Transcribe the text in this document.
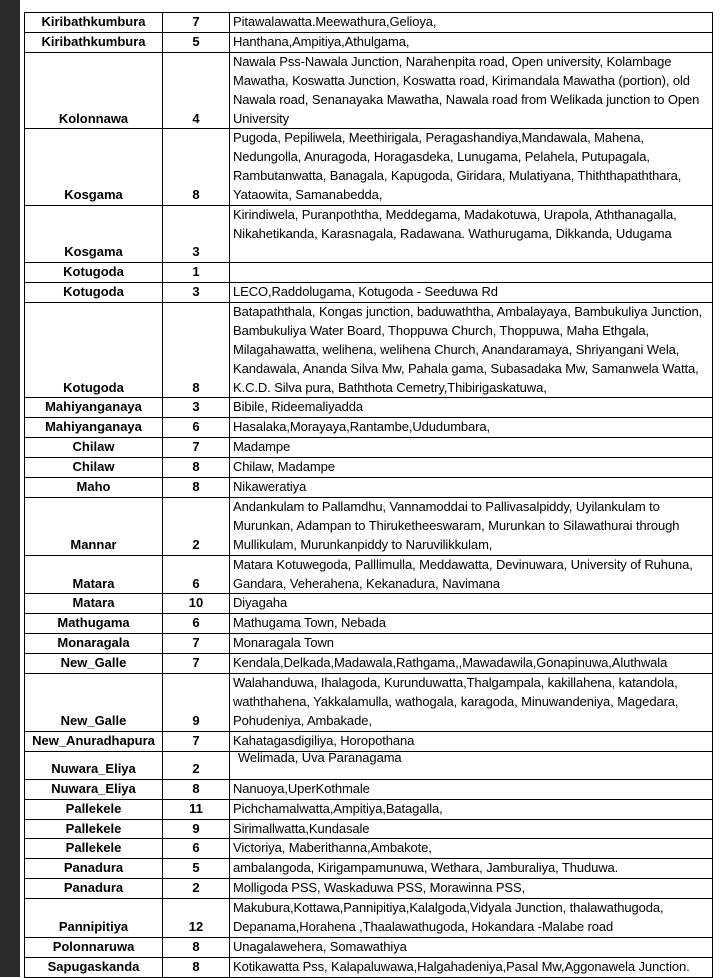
Kiribathkumbura	7	Pitawalawatta.Meewathura,Gelioya,
Kiribathkumbura	5	Hanthana,Ampitiya,Athulgama,
Kolonnawa	4	Nawala Pss-Nawala Junction, Narahenpita road, Open university, Kolambage Mawatha, Koswatta Junction, Koswatta road, Kirimandala Mawatha (portion), old Nawala road, Senanayaka Mawatha, Nawala road from Welikada junction to Open University
Kosgama	8	Pugoda, Pepiliwela, Meethirigala, Peragashandiya,Mandawala, Mahena, Nedungolla, Anuragoda, Horagasdeka, Lunugama, Pelahela, Putupagala, Rambutanwatta, Banagala, Kapugoda, Giridara, Mulatiyana, Thiththapaththara, Yataowita, Samanabedda,
Kosgama	3	Kirindiwela, Puranpoththa, Meddegama, Madakotuwa, Urapola, Aththanagalla, Nikahetikanda, Karasnagala, Radawana. Wathurugama, Dikkanda, Udugama
Kotugoda	1	
Kotugoda	3	LECO,Raddolugama, Kotugoda - Seeduwa Rd
Kotugoda	8	Batapaththala, Kongas junction, baduwaththa, Ambalayaya, Bambukuliya Junction, Bambukuliya Water Board, Thoppuwa Church, Thoppuwa, Maha Ethgala, Milagahawatta, welihena, welihena Church, Anandaramaya, Shriyangani Wela, Kandawala, Ananda Silva Mw, Pahala gama, Subasadaka Mw, Samanwela Watta, K.C.D. Silva pura, Baththota Cemetry,Thibirigaskatuwa,
Mahiyanganaya	3	Bibile, Rideemaliyadda
Mahiyanganaya	6	Hasalaka,Morayaya,Rantambe,Ududumbara,
Chilaw	7	Madampe
Chilaw	8	Chilaw, Madampe
Maho	8	Nikaweratiya
Mannar	2	Andankulam to Pallamdhu, Vannamoddai to Pallivasalpiddy, Uyilankulam to Murunkan, Adampan to Thiruketheeswaram, Murunkan to Silawathurai through Mullikulam, Murunkanpiddy to Naruvilikkulam,
Matara	6	Matara Kotuwegoda, Palllimulla, Meddawatta, Devinuwara, University of Ruhuna, Gandara, Veherahena, Kekanadura, Navimana
Matara	10	Diyagaha
Mathugama	6	Mathugama Town, Nebada
Monaragala	7	Monaragala Town
New_Galle	7	Kendala,Delkada,Madawala,Rathgama,,Mawadawila,Gonapinuwa,Aluthwala
New_Galle	9	Walahanduwa, Ihalagoda, Kurunduwatta,Thalgampala, kakillahena, katandola, waththahena, Yakkalamulla, wathogala, karagoda, Minuwandeniya, Magedara, Pohudeniya, Ambakade,
New_Anuradhapura	7	Kahatagasdigiliya, Horopothana
Nuwara_Eliya	2	Welimada, Uva Paranagama
Nuwara_Eliya	8	Nanuoya,UperKothmale
Pallekele	11	Pichchamalwatta,Ampitiya,Batagalla,
Pallekele	9	Sirimallwatta,Kundasale
Pallekele	6	Victoriya, Maberithanna,Ambakote,
Panadura	5	ambalangoda, Kirigampamunuwa, Wethara, Jamburaliya, Thuduwa.
Panadura	2	Molligoda PSS, Waskaduwa PSS, Morawinna PSS,
Pannipitiya	12	Makubura,Kottawa,Pannipitiya,Kalalgoda,Vidyala Junction, thalawathugoda, Depanama,Horahena ,Thaalawathugoda, Hokandara -Malabe road
Polonnaruwa	8	Unagalawehera, Somawathiya
Sapugaskanda	8	Kotikawatta Pss, Kalapaluwawa,Halgahadeniya,Pasal Mw,Aggonawela Junction.
